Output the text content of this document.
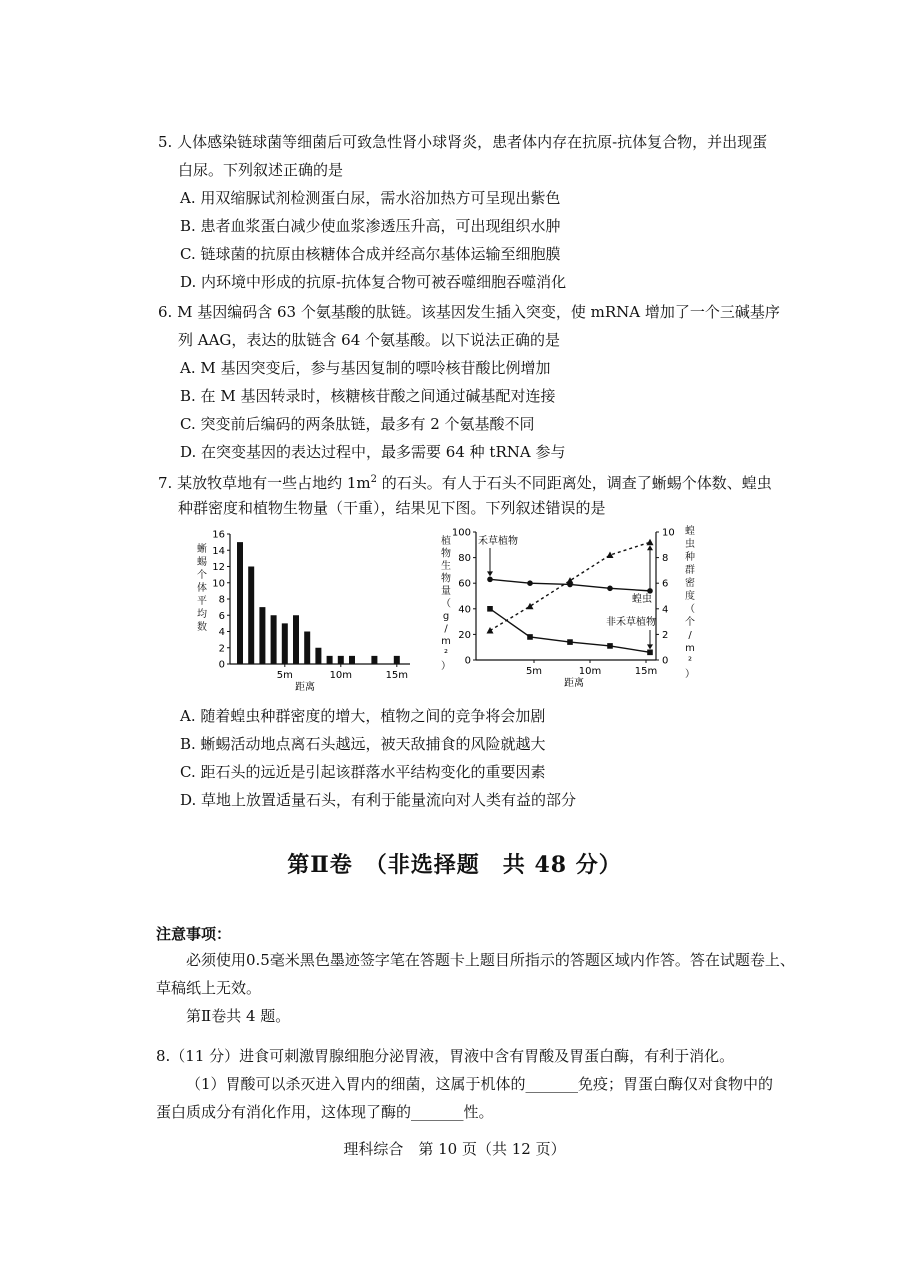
5. 人体感染链球菌等细菌后可致急性肾小球肾炎，患者体内存在抗原-抗体复合物，并出现蛋
白尿。下列叙述正确的是
A. 用双缩脲试剂检测蛋白尿，需水浴加热方可呈现出紫色
B. 患者血浆蛋白减少使血浆渗透压升高，可出现组织水肿
C. 链球菌的抗原由核糖体合成并经高尔基体运输至细胞膜
D. 内环境中形成的抗原-抗体复合物可被吞噬细胞吞噬消化
6. M 基因编码含 63 个氨基酸的肽链。该基因发生插入突变，使 mRNA 增加了一个三碱基序
列 AAG，表达的肽链含 64 个氨基酸。以下说法正确的是
A. M 基因突变后，参与基因复制的嘌呤核苷酸比例增加
B. 在 M 基因转录时，核糖核苷酸之间通过碱基配对连接
C. 突变前后编码的两条肽链，最多有 2 个氨基酸不同
D. 在突变基因的表达过程中，最多需要 64 种 tRNA 参与
7. 某放牧草地有一些占地约 $1m^2$ 的石头。有人于石头不同距离处，调查了蜥蜴个体数、蝗虫
种群密度和植物生物量（干重），结果见下图。下列叙述错误的是
0
2
4
6
8
10
12
14
16
5m	10m	15m
距离
蜥
蜴
个
体
平
均
数
0
20
40
60
80
100
0
2
4
6
8
10
5m	10m	15m
距离
禾草植物
非禾草植物
蝗虫
植
物
生
物
量
（
g
/
m
²
）
蝗
虫
种
群
密
度
（
个
/
m
²
）
A. 随着蝗虫种群密度的增大，植物之间的竞争将会加剧
B. 蜥蜴活动地点离石头越远，被天敌捕食的风险就越大
C. 距石头的远近是引起该群落水平结构变化的重要因素
D. 草地上放置适量石头，有利于能量流向对人类有益的部分
第Ⅱ卷　（非选择题　共 48 分）
注意事项：
必须使用0.5毫米黑色墨迹签字笔在答题卡上题目所指示的答题区域内作答。答在试题卷上、
草稿纸上无效。
第Ⅱ卷共 4 题。
8.（11 分）进食可刺激胃腺细胞分泌胃液，胃液中含有胃酸及胃蛋白酶，有利于消化。
（1）胃酸可以杀灭进入胃内的细菌，这属于机体的_______免疫；胃蛋白酶仅对食物中的
蛋白质成分有消化作用，这体现了酶的_______性。
理科综合　第 10 页（共 12 页）
